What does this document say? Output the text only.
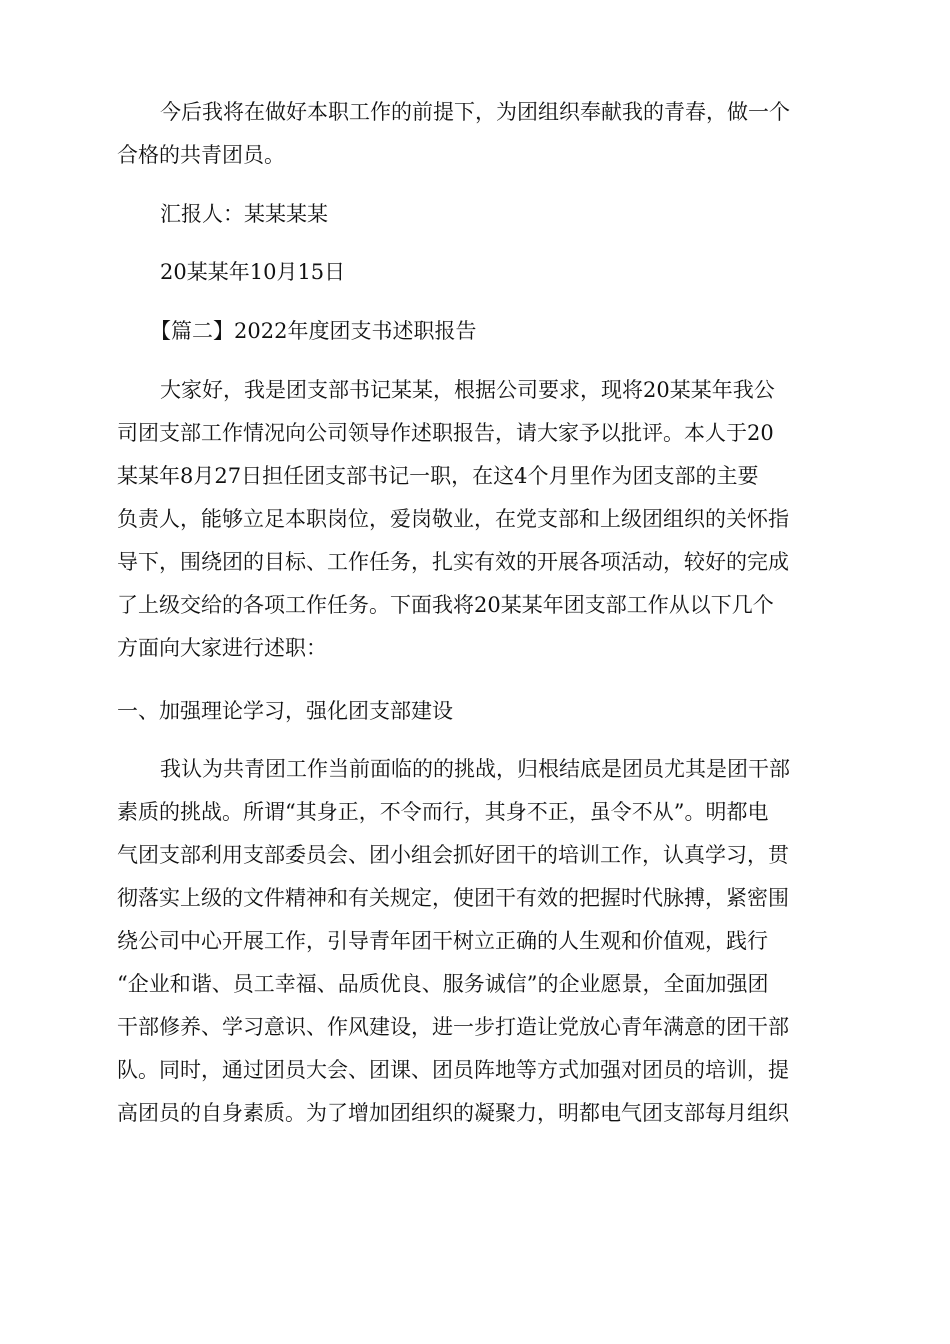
今后我将在做好本职工作的前提下，为团组织奉献我的青春，做一个
合格的共青团员。
汇报人：某某某某
20某某年10月15日
【篇二】2022年度团支书述职报告
大家好，我是团支部书记某某，根据公司要求，现将20某某年我公
司团支部工作情况向公司领导作述职报告，请大家予以批评。本人于20
某某年8月27日担任团支部书记一职，在这4个月里作为团支部的主要
负责人，能够立足本职岗位，爱岗敬业，在党支部和上级团组织的关怀指
导下，围绕团的目标、工作任务，扎实有效的开展各项活动，较好的完成
了上级交给的各项工作任务。下面我将20某某年团支部工作从以下几个
方面向大家进行述职：
一、加强理论学习，强化团支部建设
我认为共青团工作当前面临的的挑战，归根结底是团员尤其是团干部
素质的挑战。所谓“其身正，不令而行，其身不正，虽令不从”。明都电
气团支部利用支部委员会、团小组会抓好团干的培训工作，认真学习，贯
彻落实上级的文件精神和有关规定，使团干有效的把握时代脉搏，紧密围
绕公司中心开展工作，引导青年团干树立正确的人生观和价值观，践行
“企业和谐、员工幸福、品质优良、服务诚信”的企业愿景，全面加强团
干部修养、学习意识、作风建设，进一步打造让党放心青年满意的团干部
队。同时，通过团员大会、团课、团员阵地等方式加强对团员的培训，提
高团员的自身素质。为了增加团组织的凝聚力，明都电气团支部每月组织
